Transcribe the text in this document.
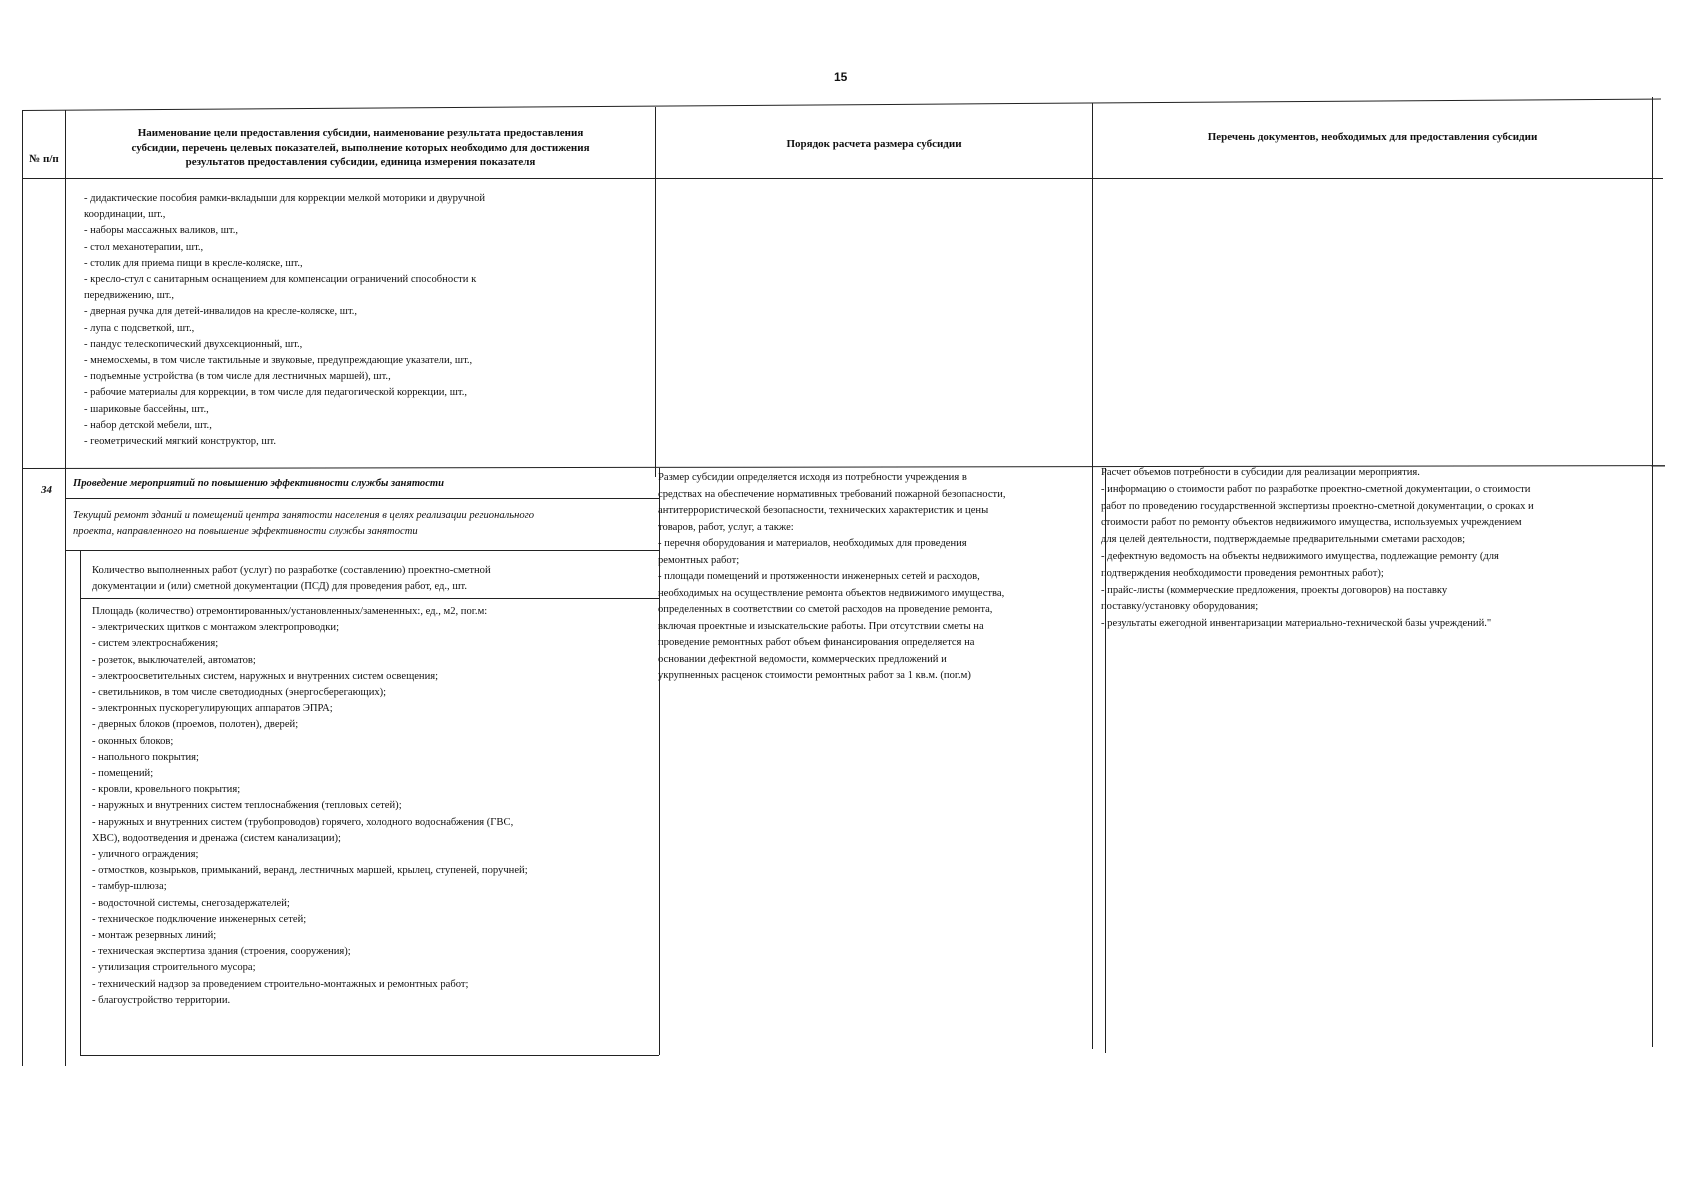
15
№ п/п
Наименование цели предоставления субсидии, наименование результата предоставления
субсидии, перечень целевых показателей, выполнение которых необходимо для достижения
результатов предоставления субсидии, единица измерения показателя
Порядок расчета размера субсидии
Перечень документов, необходимых для предоставления субсидии
- дидактические пособия рамки-вкладыши для коррекции мелкой моторики и двуручной
координации, шт.,
- наборы массажных валиков, шт.,
- стол механотерапии, шт.,
- столик для приема пищи в кресле-коляске, шт.,
- кресло-стул с санитарным оснащением для компенсации ограничений способности к
передвижению, шт.,
- дверная ручка для детей-инвалидов на кресле-коляске, шт.,
- лупа с подсветкой, шт.,
- пандус телескопический двухсекционный, шт.,
- мнемосхемы, в том числе тактильные и звуковые, предупреждающие указатели, шт.,
- подъемные устройства (в том числе для лестничных маршей), шт.,
- рабочие материалы для коррекции, в том числе для педагогической коррекции, шт.,
- шариковые бассейны, шт.,
- набор детской мебели, шт.,
- геометрический мягкий конструктор, шт.
34
Проведение мероприятий по повышению эффективности службы занятости
Текущий ремонт зданий и помещений центра занятости населения в целях реализации регионального
проекта, направленного на повышение эффективности службы занятости
Количество выполненных работ (услуг) по разработке (составлению) проектно-сметной
документации и (или) сметной документации (ПСД) для проведения работ, ед., шт.
Площадь (количество) отремонтированных/установленных/замененных:, ед., м2, пог.м:
- электрических щитков с монтажом электропроводки;
- систем электроснабжения;
- розеток, выключателей, автоматов;
- электроосветительных систем, наружных и внутренних систем освещения;
- светильников, в том числе светодиодных (энергосберегающих);
- электронных пускорегулирующих аппаратов ЭПРА;
- дверных блоков (проемов, полотен), дверей;
- оконных блоков;
- напольного покрытия;
- помещений;
- кровли, кровельного покрытия;
- наружных и внутренних систем теплоснабжения (тепловых сетей);
- наружных и внутренних систем (трубопроводов) горячего, холодного водоснабжения (ГВС,
ХВС), водоотведения и дренажа (систем канализации);
- уличного ограждения;
- отмостков, козырьков, примыканий, веранд, лестничных маршей, крылец, ступеней, поручней;
- тамбур-шлюза;
- водосточной системы, снегозадержателей;
- техническое подключение инженерных сетей;
- монтаж резервных линий;
- техническая экспертиза здания (строения, сооружения);
- утилизация строительного мусора;
- технический надзор за проведением строительно-монтажных и ремонтных работ;
- благоустройство территории.
Размер субсидии определяется исходя из потребности учреждения в
средствах на обеспечение нормативных требований пожарной безопасности,
антитеррористической безопасности, технических характеристик и цены
товаров, работ, услуг, а также:
- перечня оборудования и материалов, необходимых для проведения
ремонтных работ;
- площади помещений и протяженности инженерных сетей и расходов,
необходимых на осуществление ремонта объектов недвижимого имущества,
определенных в соответствии со сметой расходов на проведение ремонта,
включая проектные и изыскательские работы. При отсутствии сметы на
проведение ремонтных работ объем финансирования определяется на
основании дефектной ведомости, коммерческих предложений и
укрупненных расценок стоимости ремонтных работ за 1 кв.м. (пог.м)
Расчет объемов потребности в субсидии для реализации мероприятия.
- информацию о стоимости работ по разработке проектно-сметной документации, о стоимости
работ по проведению государственной экспертизы проектно-сметной документации, о сроках и
стоимости работ по ремонту объектов недвижимого имущества, используемых учреждением
для целей деятельности, подтверждаемые предварительными сметами расходов;
- дефектную ведомость на объекты недвижимого имущества, подлежащие ремонту (для
подтверждения необходимости проведения ремонтных работ);
- прайс-листы (коммерческие предложения, проекты договоров) на поставку
поставку/установку оборудования;
- результаты ежегодной инвентаризации материально-технической базы учреждений."
